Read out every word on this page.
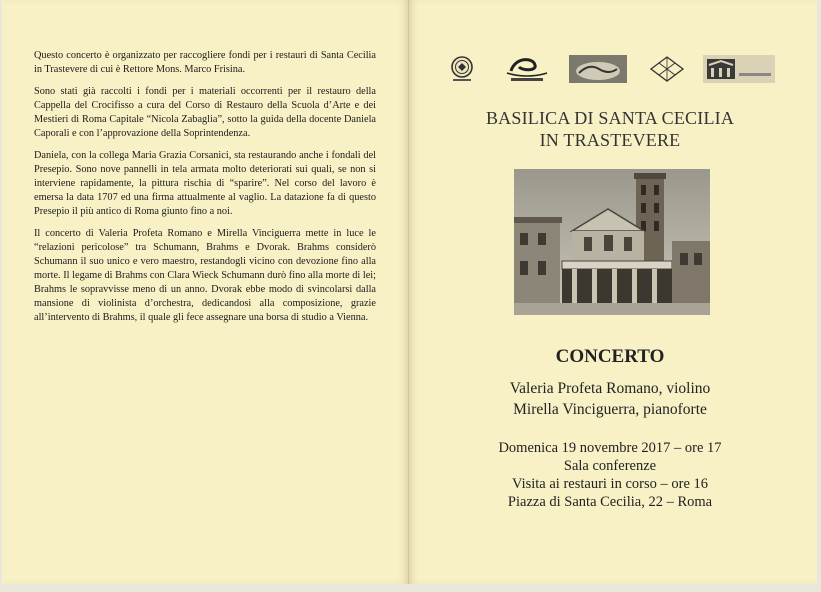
Questo concerto è organizzato per raccogliere fondi per i restauri di Santa Cecilia in Trastevere di cui è Rettore Mons. Marco Frisina.

Sono stati già raccolti i fondi per i materiali occorrenti per il restauro della Cappella del Crocifisso a cura del Corso di Restauro della Scuola d’Arte e dei Mestieri di Roma Capitale “Nicola Zabaglia”, sotto la guida della docente Daniela Caporali e con l’approvazione della Soprintendenza.

Daniela, con la collega Maria Grazia Corsanici, sta restaurando anche i fondali del Presepio. Sono nove pannelli in tela armata molto deteriorati sui quali, se non si interviene rapidamente, la pittura rischia di “sparire”. Nel corso del lavoro è emersa la data 1707 ed una firma attualmente al vaglio. La datazione fa di questo Presepio il più antico di Roma giunto fino a noi.

Il concerto di Valeria Profeta Romano e Mirella Vinciguerra mette in luce le “relazioni pericolose” tra Schumann, Brahms e Dvorak. Brahms considerò Schumann il suo unico e vero maestro, restandogli vicino con devozione fino alla morte. Il legame di Brahms con Clara Wieck Schumann durò fino alla morte di lei; Brahms le sopravvisse meno di un anno. Dvorak ebbe modo di svincolarsi dalla mansione di violinista d’orchestra, dedicandosi alla composizione, grazie all’intervento di Brahms, il quale gli fece assegnare una borsa di studio a Vienna.

BASILICA DI SANTA CECILIA
IN TRASTEVERE
CONCERTO
Valeria Profeta Romano, violino
Mirella Vinciguerra, pianoforte
Domenica 19 novembre 2017 – ore 17
Sala conferenze
Visita ai restauri in corso – ore 16
Piazza di Santa Cecilia, 22 – Roma
